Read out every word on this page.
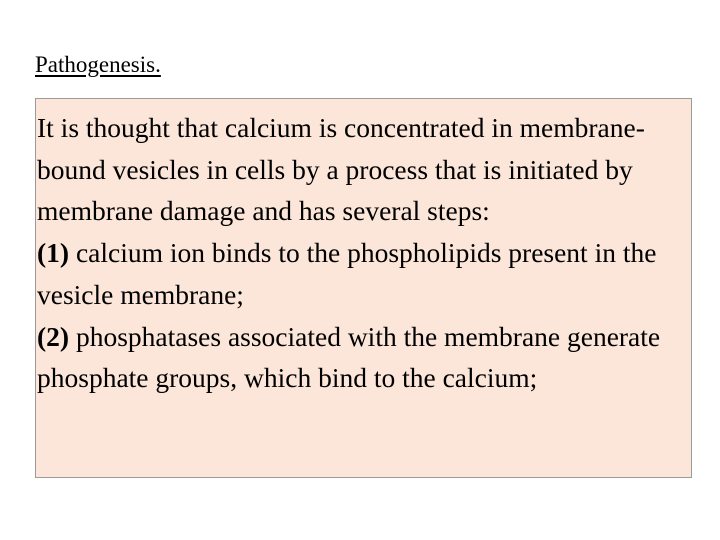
Pathogenesis.

It is thought that calcium is concentrated in membrane-bound vesicles in cells by a process that is initiated by membrane damage and has several steps:

(1) calcium ion binds to the phospholipids present in the vesicle membrane;

(2) phosphatases associated with the membrane generate phosphate groups, which bind to the calcium;
